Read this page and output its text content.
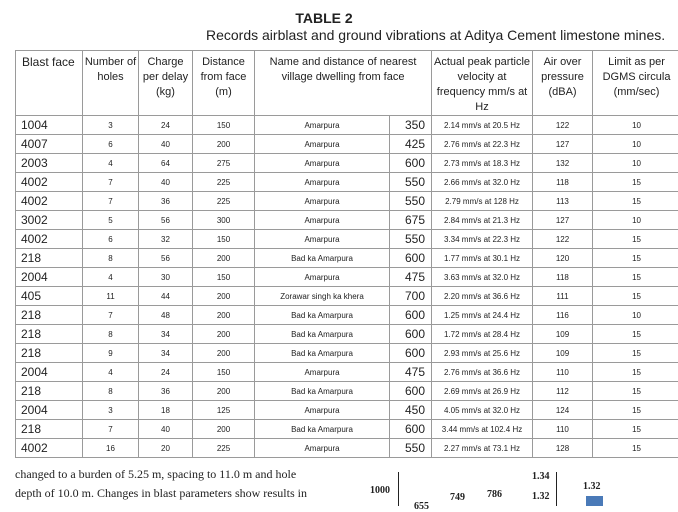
TABLE 2
Records airblast and ground vibrations at Aditya Cement limestone mines.
Blast face	Number of holes	Charge per delay (kg)	Distance from face (m)	Name and distance of nearest village dwelling from face		Actual peak particle velocity at frequency mm/s at Hz	Air over pressure (dBA)	Limit as per DGMS circula (mm/sec)
1004	3	24	150	Amarpura	350	2.14 mm/s at 20.5 Hz	122	10
4007	6	40	200	Amarpura	425	2.76 mm/s at 22.3 Hz	127	10
2003	4	64	275	Amarpura	600	2.73 mm/s at 18.3 Hz	132	10
4002	7	40	225	Amarpura	550	2.66 mm/s at 32.0 Hz	118	15
4002	7	36	225	Amarpura	550	2.79 mm/s at 128 Hz	113	15
3002	5	56	300	Amarpura	675	2.84 mm/s at 21.3 Hz	127	10
4002	6	32	150	Amarpura	550	3.34 mm/s at 22.3 Hz	122	15
218	8	56	200	Bad ka Amarpura	600	1.77 mm/s at 30.1 Hz	120	15
2004	4	30	150	Amarpura	475	3.63 mm/s at 32.0 Hz	118	15
405	11	44	200	Zorawar singh ka khera	700	2.20 mm/s at 36.6 Hz	111	15
218	7	48	200	Bad ka Amarpura	600	1.25 mm/s at 24.4 Hz	116	10
218	8	34	200	Bad ka Amarpura	600	1.72 mm/s at 28.4 Hz	109	15
218	9	34	200	Bad ka Amarpura	600	2.93 mm/s at 25.6 Hz	109	15
2004	4	24	150	Amarpura	475	2.76 mm/s at 36.6 Hz	110	15
218	8	36	200	Bad ka Amarpura	600	2.69 mm/s at 26.9 Hz	112	15
2004	3	18	125	Amarpura	450	4.05 mm/s at 32.0 Hz	124	15
218	7	40	200	Bad ka Amarpura	600	3.44 mm/s at 102.4 Hz	110	15
4002	16	20	225	Amarpura	550	2.27 mm/s at 73.1 Hz	128	15
changed to a burden of 5.25 m, spacing to 11.0 m and hole
depth of 10.0 m. Changes in blast parameters show results in	1000
749 786
655
1.34
1.32
1.32
